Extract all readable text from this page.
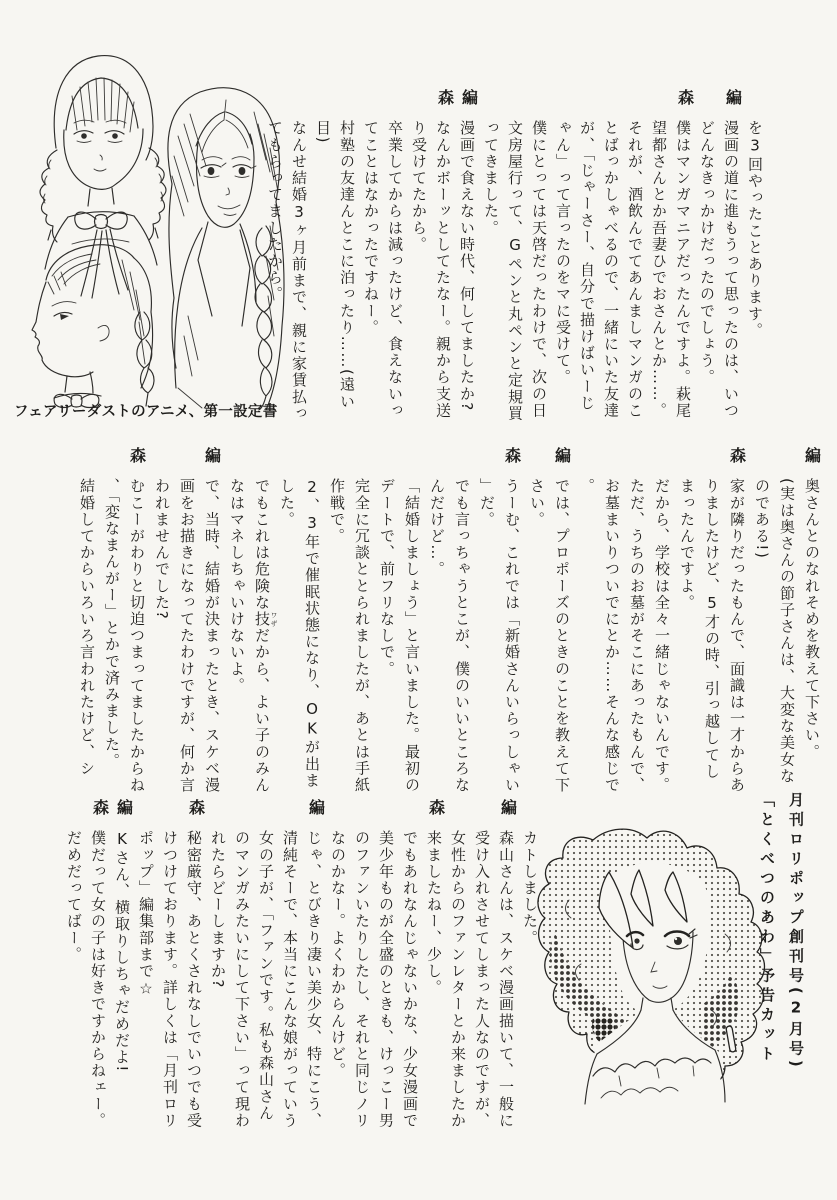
フェアリーダストのアニメ、第一設定書

を3回やったことあります。

編
漫画の道に進もうって思ったのは、いつどんなきっかけだったのでしょう。

森
僕はマンガマニアだったんですよ。萩尾望都さんとか吾妻ひでおさんとか……。
それが、酒飲んでてあんましマンガのことばっかしゃべるので、一緒にいた友達が、「じゃーさー、自分で描けばいーじゃん」って言ったのをマに受けて。
僕にとっては天啓だったわけで、次の日文房屋行って、Gペンと丸ペンと定規買ってきました。

編
漫画で食えない時代、何してましたか?

森
なんかボーッとしてたなー。親から支送り受けてたから。
卒業してからは減ったけど、食えないってことはなかったですねー。
村塾の友達んとこに泊ったり……(遠い目)
なんせ結婚3ヶ月前まで、親に家賃払ってもらってましたから。

編
奥さんとのなれそめを教えて下さい。
(実は奥さんの節子さんは、大変な美女なのである!)

森
家が隣りだったもんで、面識は一才からありましたけど、5才の時、引っ越してしまったんですよ。
だから、学校は全々一緒じゃないんです。
ただ、うちのお墓がそこにあったもんで、お墓まいりついでにとか……そんな感じで。

編
では、プロポーズのときのことを教えて下さい。

森
うーむ、これでは「新婚さんいらっしゃい」だ。
でも言っちゃうとこが、僕のいいところなんだけど…。
「結婚しましょう」と言いました。最初のデートで、前フリなしで。
完全に冗談ととられましたが、あとは手紙作戦で。
2、3年で催眠状態になり、OKが出ました。
でもこれは危険な技 ワザだから、よい子のみんなはマネしちゃいけないよ。

編
で、当時、結婚が決まったとき、スケベ漫画をお描きになってたわけですが、何か言われませんでした?

森
むこーがわりと切迫つまってましたからね、「変なまんがー」とかで済みました。
結婚してからいろいろ言われたけど、シ

カトしました。

編
森山さんは、スケベ漫画描いて、一般に受け入れさせてしまった人なのですが、女性からのファンレターとか来ましたか

森
来ましたねー、少し。
でもあれなんじゃないかな、少女漫画で美少年ものが全盛のときも、けっこー男のファンいたりしたし、それと同じノリなのかなー。よくわからんけど。

編
じゃ、とびきり凄い美少女、特にこう、清純そーで、本当にこんな娘がっていう女の子が、「ファンです。私も森山さんのマンガみたいにして下さい」って現われたらどーしますか?

森
秘密厳守、あとくされなしでいつでも受けつけております。詳しくは「月刊ロリポップ」編集部まで☆

編
Kさん、横取りしちゃだめだよ!

森
僕だって女の子は好きですからねェー。
だめだってばー。	月刊ロリポップ創刊号(2月号)
「とくべつのあわ」予告カット
